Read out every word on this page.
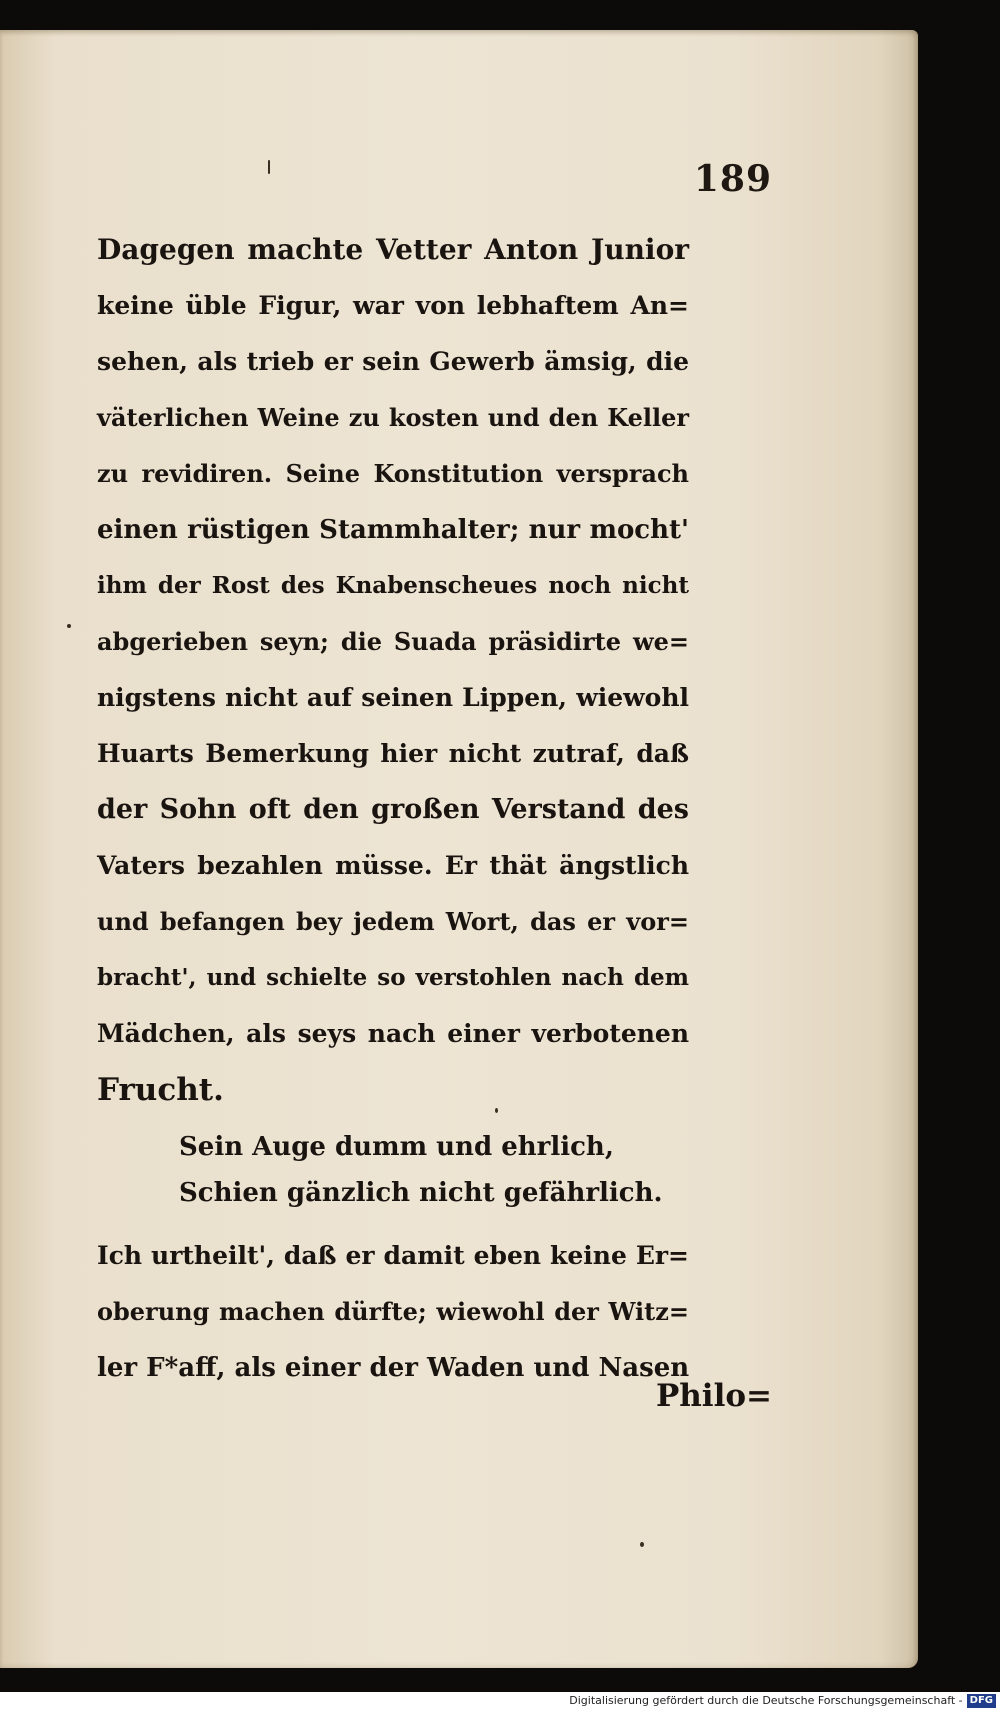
189
Dagegen machte Vetter Anton Junior
keine üble Figur, war von lebhaftem An=
sehen, als trieb er sein Gewerb ämsig, die
väterlichen Weine zu kosten und den Keller
zu revidiren. Seine Konstitution versprach
einen rüstigen Stammhalter; nur mocht'
ihm der Rost des Knabenscheues noch nicht
abgerieben seyn; die Suada präsidirte we=
nigstens nicht auf seinen Lippen, wiewohl
Huarts Bemerkung hier nicht zutraf, daß
der Sohn oft den großen Verstand des
Vaters bezahlen müsse. Er thät ängstlich
und befangen bey jedem Wort, das er vor=
bracht', und schielte so verstohlen nach dem
Mädchen, als seys nach einer verbotenen
Frucht.
Sein Auge dumm und ehrlich,
Schien gänzlich nicht gefährlich.
Ich urtheilt', daß er damit eben keine Er=
oberung machen dürfte; wiewohl der Witz=
ler F*aff, als einer der Waden und Nasen
Philo=
Digitalisierung gefördert durch die Deutsche Forschungsgemeinschaft - DFG
